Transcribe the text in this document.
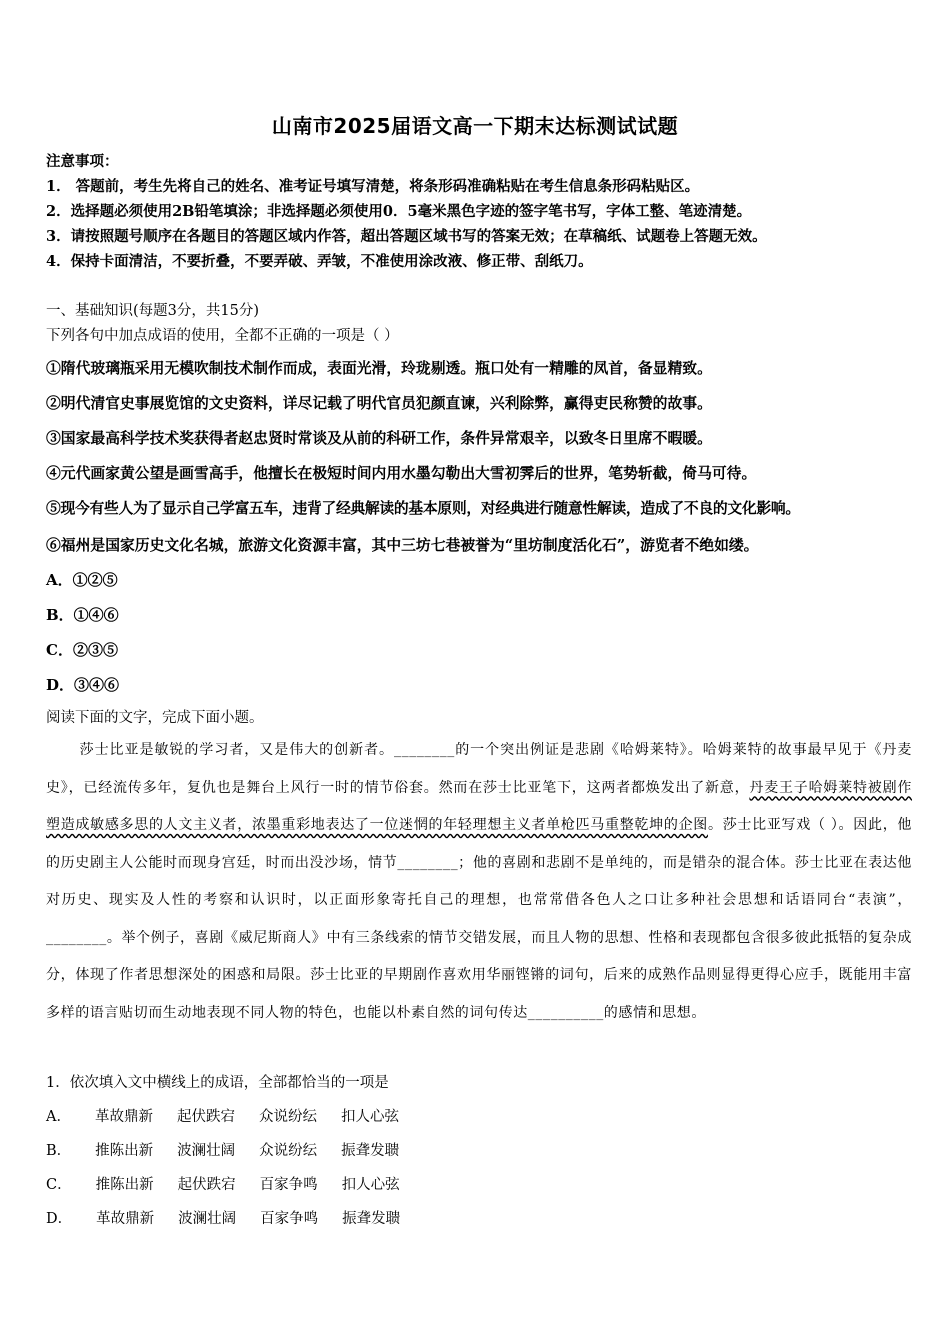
山南市2025届语文高一下期末达标测试试题
注意事项：
1． 答题前，考生先将自己的姓名、准考证号填写清楚，将条形码准确粘贴在考生信息条形码粘贴区。
2．选择题必须使用2B铅笔填涂；非选择题必须使用0．5毫米黑色字迹的签字笔书写，字体工整、笔迹清楚。
3．请按照题号顺序在各题目的答题区域内作答，超出答题区域书写的答案无效；在草稿纸、试题卷上答题无效。
4．保持卡面清洁，不要折叠，不要弄破、弄皱，不准使用涂改液、修正带、刮纸刀。
一、基础知识(每题3分，共15分)
下列各句中加点成语的使用，全都不正确的一项是（ ）
①隋代玻璃瓶采用无模吹制技术制作而成，表面光滑，玲珑剔透。瓶口处有一精雕的凤首，备显精致。
②明代清官史事展览馆的文史资料，详尽记载了明代官员犯颜直谏，兴利除弊，赢得吏民称赞的故事。
③国家最高科学技术奖获得者赵忠贤时常谈及从前的科研工作，条件异常艰辛，以致冬日里席不暇暖。
④元代画家黄公望是画雪高手，他擅长在极短时间内用水墨勾勒出大雪初霁后的世界，笔势斩截，倚马可待。
⑤现今有些人为了显示自己学富五车，违背了经典解读的基本原则，对经典进行随意性解读，造成了不良的文化影响。
⑥福州是国家历史文化名城，旅游文化资源丰富，其中三坊七巷被誉为“里坊制度活化石”，游览者不绝如缕。
A．①②⑤
B．①④⑥
C．②③⑤
D．③④⑥
阅读下面的文字，完成下面小题。

莎士比亚是敏锐的学习者，又是伟大的创新者。________的一个突出例证是悲剧《哈姆莱特》。哈姆莱特的故事最早见于《丹麦史》，已经流传多年，复仇也是舞台上风行一时的情节俗套。然而在莎士比亚笔下，这两者都焕发出了新意，丹麦王子哈姆莱特被剧作塑造成敏感多思的人文主义者，浓墨重彩地表达了一位迷惘的年轻理想主义者单枪匹马重整乾坤的企图。莎士比亚写戏（ ）。因此，他的历史剧主人公能时而现身宫廷，时而出没沙场，情节________；他的喜剧和悲剧不是单纯的，而是错杂的混合体。莎士比亚在表达他对历史、现实及人性的考察和认识时，以正面形象寄托自己的理想，也常常借各色人之口让多种社会思想和话语同台“表演”，________。举个例子，喜剧《威尼斯商人》中有三条线索的情节交错发展，而且人物的思想、性格和表现都包含很多彼此抵牾的复杂成分，体现了作者思想深处的困惑和局限。莎士比亚的早期剧作喜欢用华丽铿锵的词句，后来的成熟作品则显得更得心应手，既能用丰富多样的语言贴切而生动地表现不同人物的特色，也能以朴素自然的词句传达__________的感情和思想。

1．依次填入文中横线上的成语，全部都恰当的一项是
A． 革故鼎新 起伏跌宕 众说纷纭 扣人心弦
B． 推陈出新 波澜壮阔 众说纷纭 振聋发聩
C． 推陈出新 起伏跌宕 百家争鸣 扣人心弦
D． 革故鼎新 波澜壮阔 百家争鸣 振聋发聩
